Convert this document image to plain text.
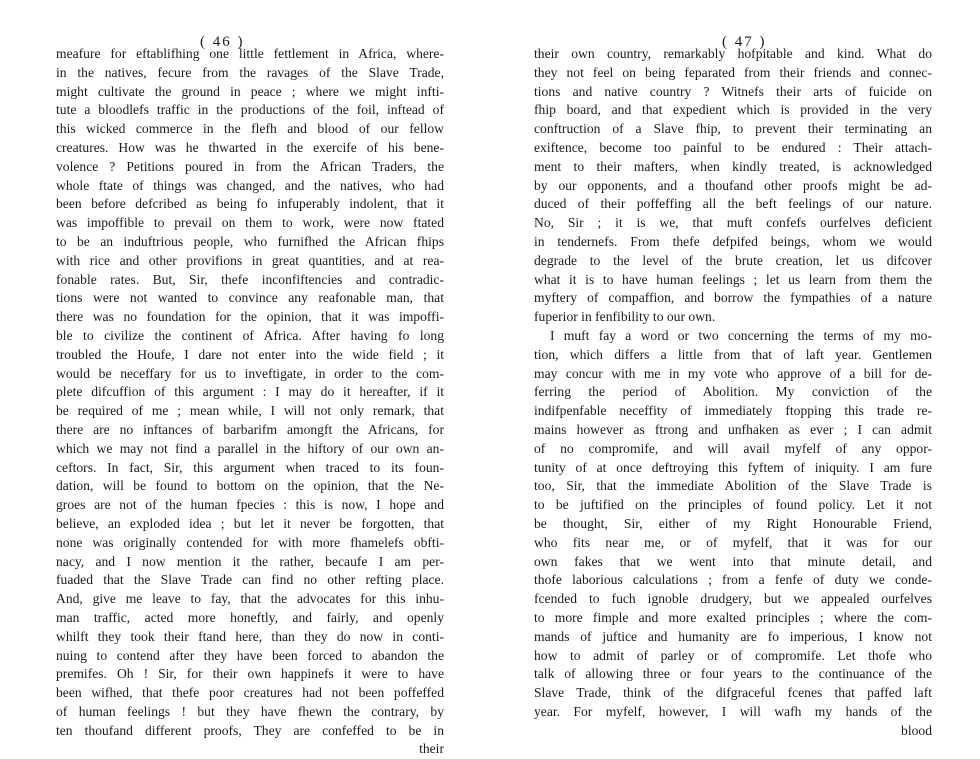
( 46 )
meafure for eftablifhing one little fettlement in Africa, where-
in the natives, fecure from the ravages of the Slave Trade,
might cultivate the ground in peace ; where we might infti-
tute a bloodlefs traffic in the productions of the foil, inftead of
this wicked commerce in the flefh and blood of our fellow
creatures. How was he thwarted in the exercife of his bene-
volence ? Petitions poured in from the African Traders, the
whole ftate of things was changed, and the natives, who had
been before defcribed as being fo infuperably indolent, that it
was impoffible to prevail on them to work, were now ftated
to be an induftrious people, who furnifhed the African fhips
with rice and other provifions in great quantities, and at rea-
fonable rates. But, Sir, thefe inconfiftencies and contradic-
tions were not wanted to convince any reafonable man, that
there was no foundation for the opinion, that it was impoffi-
ble to civilize the continent of Africa. After having fo long
troubled the Houfe, I dare not enter into the wide field ; it
would be neceffary for us to inveftigate, in order to the com-
plete difcuffion of this argument : I may do it hereafter, if it
be required of me ; mean while, I will not only remark, that
there are no inftances of barbarifm amongft the Africans, for
which we may not find a parallel in the hiftory of our own an-
ceftors. In fact, Sir, this argument when traced to its foun-
dation, will be found to bottom on the opinion, that the Ne-
groes are not of the human fpecies : this is now, I hope and
believe, an exploded idea ; but let it never be forgotten, that
none was originally contended for with more fhamelefs obfti-
nacy, and I now mention it the rather, becaufe I am per-
fuaded that the Slave Trade can find no other refting place.
And, give me leave to fay, that the advocates for this inhu-
man traffic, acted more honeftly, and fairly, and openly
whilft they took their ftand here, than they do now in conti-
nuing to contend after they have been forced to abandon the
premifes. Oh ! Sir, for their own happinefs it were to have
been wifhed, that thefe poor creatures had not been poffeffed
of human feelings ! but they have fhewn the contrary, by
ten thoufand different proofs, They are confeffed to be in
their
( 47 )
their own country, remarkably hofpitable and kind. What do
they not feel on being feparated from their friends and connec-
tions and native country ? Witnefs their arts of fuicide on
fhip board, and that expedient which is provided in the very
conftruction of a Slave fhip, to prevent their terminating an
exiftence, become too painful to be endured : Their attach-
ment to their mafters, when kindly treated, is acknowledged
by our opponents, and a thoufand other proofs might be ad-
duced of their poffeffing all the beft feelings of our nature.
No, Sir ; it is we, that muft confefs ourfelves deficient
in tendernefs. From thefe defpifed beings, whom we would
degrade to the level of the brute creation, let us difcover
what it is to have human feelings ; let us learn from them the
myftery of compaffion, and borrow the fympathies of a nature
fuperior in fenfibility to our own.
I muft fay a word or two concerning the terms of my mo-
tion, which differs a little from that of laft year. Gentlemen
may concur with me in my vote who approve of a bill for de-
ferring the period of Abolition. My conviction of the
indifpenfable neceffity of immediately ftopping this trade re-
mains however as ftrong and unfhaken as ever ; I can admit
of no compromife, and will avail myfelf of any oppor-
tunity of at once deftroying this fyftem of iniquity. I am fure
too, Sir, that the immediate Abolition of the Slave Trade is
to be juftified on the principles of found policy. Let it not
be thought, Sir, either of my Right Honourable Friend,
who fits near me, or of myfelf, that it was for our
own fakes that we went into that minute detail, and
thofe laborious calculations ; from a fenfe of duty we conde-
fcended to fuch ignoble drudgery, but we appealed ourfelves
to more fimple and more exalted principles ; where the com-
mands of juftice and humanity are fo imperious, I know not
how to admit of parley or of compromife. Let thofe who
talk of allowing three or four years to the continuance of the
Slave Trade, think of the difgraceful fcenes that paffed laft
year. For myfelf, however, I will wafh my hands of the
blood
